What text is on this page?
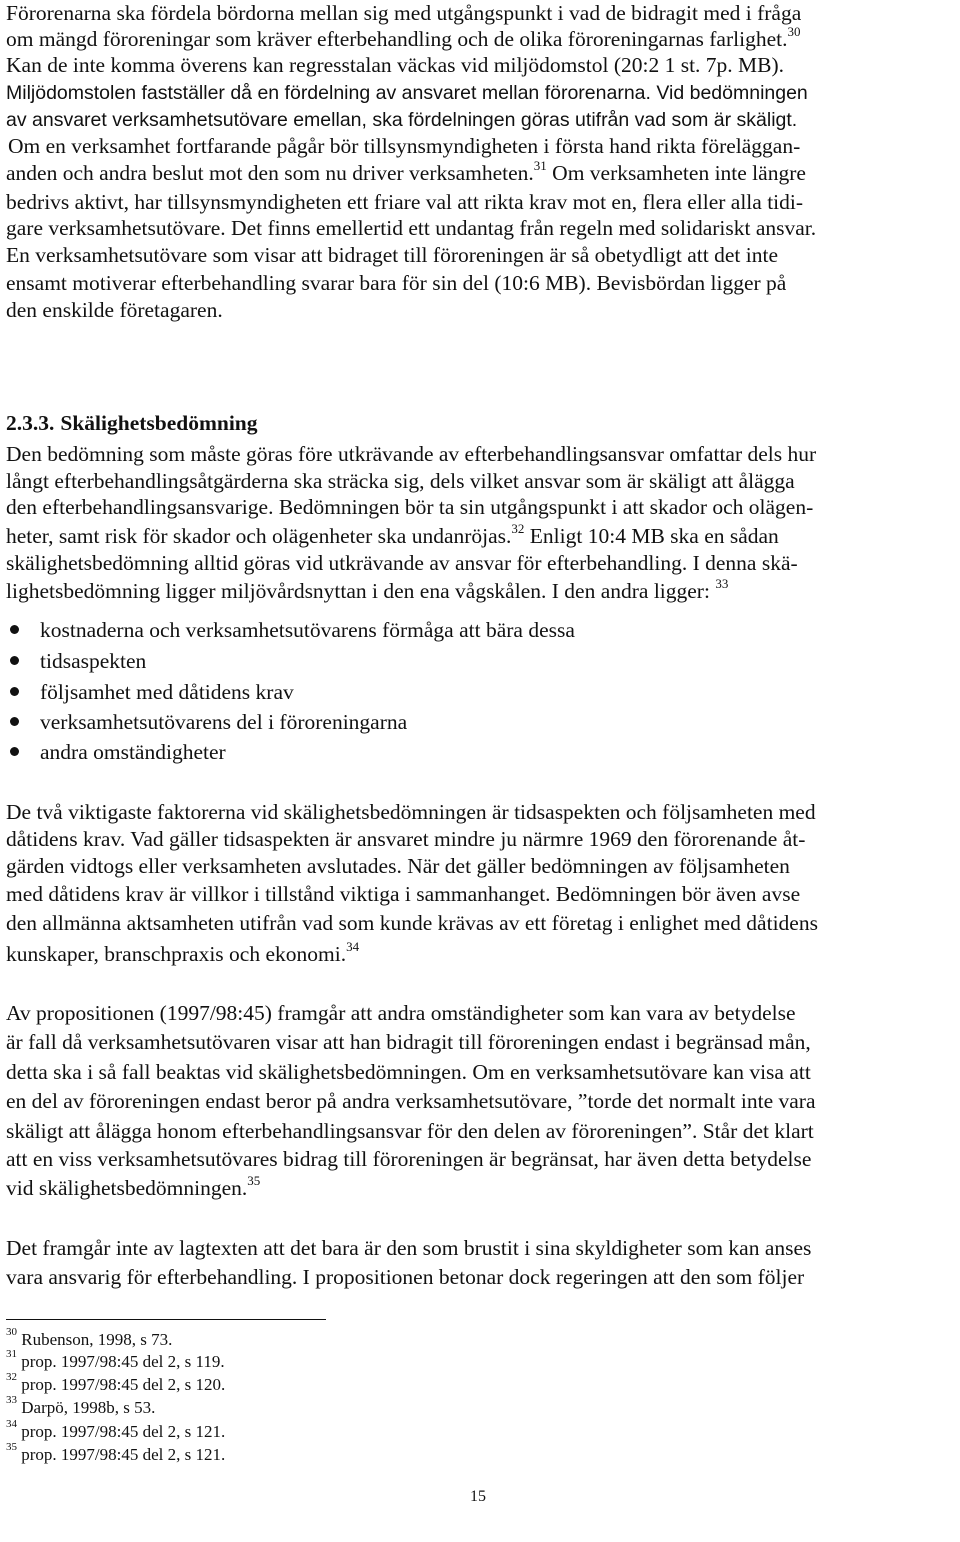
Förorenarna ska fördela bördorna mellan sig med utgångspunkt i vad de bidragit med i fråga
om mängd föroreningar som kräver efterbehandling och de olika föroreningarnas farlighet.$^{30}$
Kan de inte komma överens kan regresstalan väckas vid miljödomstol (20:2 1 st. 7p. MB).
Miljödomstolen fastställer då en fördelning av ansvaret mellan förorenarna. Vid bedömningen
av ansvaret verksamhetsutövare emellan, ska fördelningen göras utifrån vad som är skäligt.
Om en verksamhet fortfarande pågår bör tillsynsmyndigheten i första hand rikta föreläggan-
anden och andra beslut mot den som nu driver verksamheten.$^{31}$ Om verksamheten inte längre
bedrivs aktivt, har tillsynsmyndigheten ett friare val att rikta krav mot en, flera eller alla tidi-
gare verksamhetsutövare. Det finns emellertid ett undantag från regeln med solidariskt ansvar.
En verksamhetsutövare som visar att bidraget till föroreningen är så obetydligt att det inte
ensamt motiverar efterbehandling svarar bara för sin del (10:6 MB). Bevisbördan ligger på
den enskilde företagaren.
2.3.3. Skälighetsbedömning
Den bedömning som måste göras före utkrävande av efterbehandlingsansvar omfattar dels hur
långt efterbehandlingsåtgärderna ska sträcka sig, dels vilket ansvar som är skäligt att ålägga
den efterbehandlingsansvarige. Bedömningen bör ta sin utgångspunkt i att skador och olägen-
heter, samt risk för skador och olägenheter ska undanröjas.$^{32}$ Enligt 10:4 MB ska en sådan
skälighetsbedömning alltid göras vid utkrävande av ansvar för efterbehandling. I denna skä-
lighetsbedömning ligger miljövårdsnyttan i den ena vågskålen. I den andra ligger: $^{33}$
kostnaderna och verksamhetsutövarens förmåga att bära dessa
tidsaspekten
följsamhet med dåtidens krav
verksamhetsutövarens del i föroreningarna
andra omständigheter
De två viktigaste faktorerna vid skälighetsbedömningen är tidsaspekten och följsamheten med
dåtidens krav. Vad gäller tidsaspekten är ansvaret mindre ju närmre 1969 den förorenande åt-
gärden vidtogs eller verksamheten avslutades. När det gäller bedömningen av följsamheten
med dåtidens krav är villkor i tillstånd viktiga i sammanhanget. Bedömningen bör även avse
den allmänna aktsamheten utifrån vad som kunde krävas av ett företag i enlighet med dåtidens
kunskaper, branschpraxis och ekonomi.$^{34}$
Av propositionen (1997/98:45) framgår att andra omständigheter som kan vara av betydelse
är fall då verksamhetsutövaren visar att han bidragit till föroreningen endast i begränsad mån,
detta ska i så fall beaktas vid skälighetsbedömningen. Om en verksamhetsutövare kan visa att
en del av föroreningen endast beror på andra verksamhetsutövare, ”torde det normalt inte vara
skäligt att ålägga honom efterbehandlingsansvar för den delen av föroreningen”. Står det klart
att en viss verksamhetsutövares bidrag till föroreningen är begränsat, har även detta betydelse
vid skälighetsbedömningen.$^{35}$
Det framgår inte av lagtexten att det bara är den som brustit i sina skyldigheter som kan anses
vara ansvarig för efterbehandling. I propositionen betonar dock regeringen att den som följer
$^{30}$ Rubenson, 1998, s 73.
$^{31}$ prop. 1997/98:45 del 2, s 119.
$^{32}$ prop. 1997/98:45 del 2, s 120.
$^{33}$ Darpö, 1998b, s 53.
$^{34}$ prop. 1997/98:45 del 2, s 121.
$^{35}$ prop. 1997/98:45 del 2, s 121.
15
